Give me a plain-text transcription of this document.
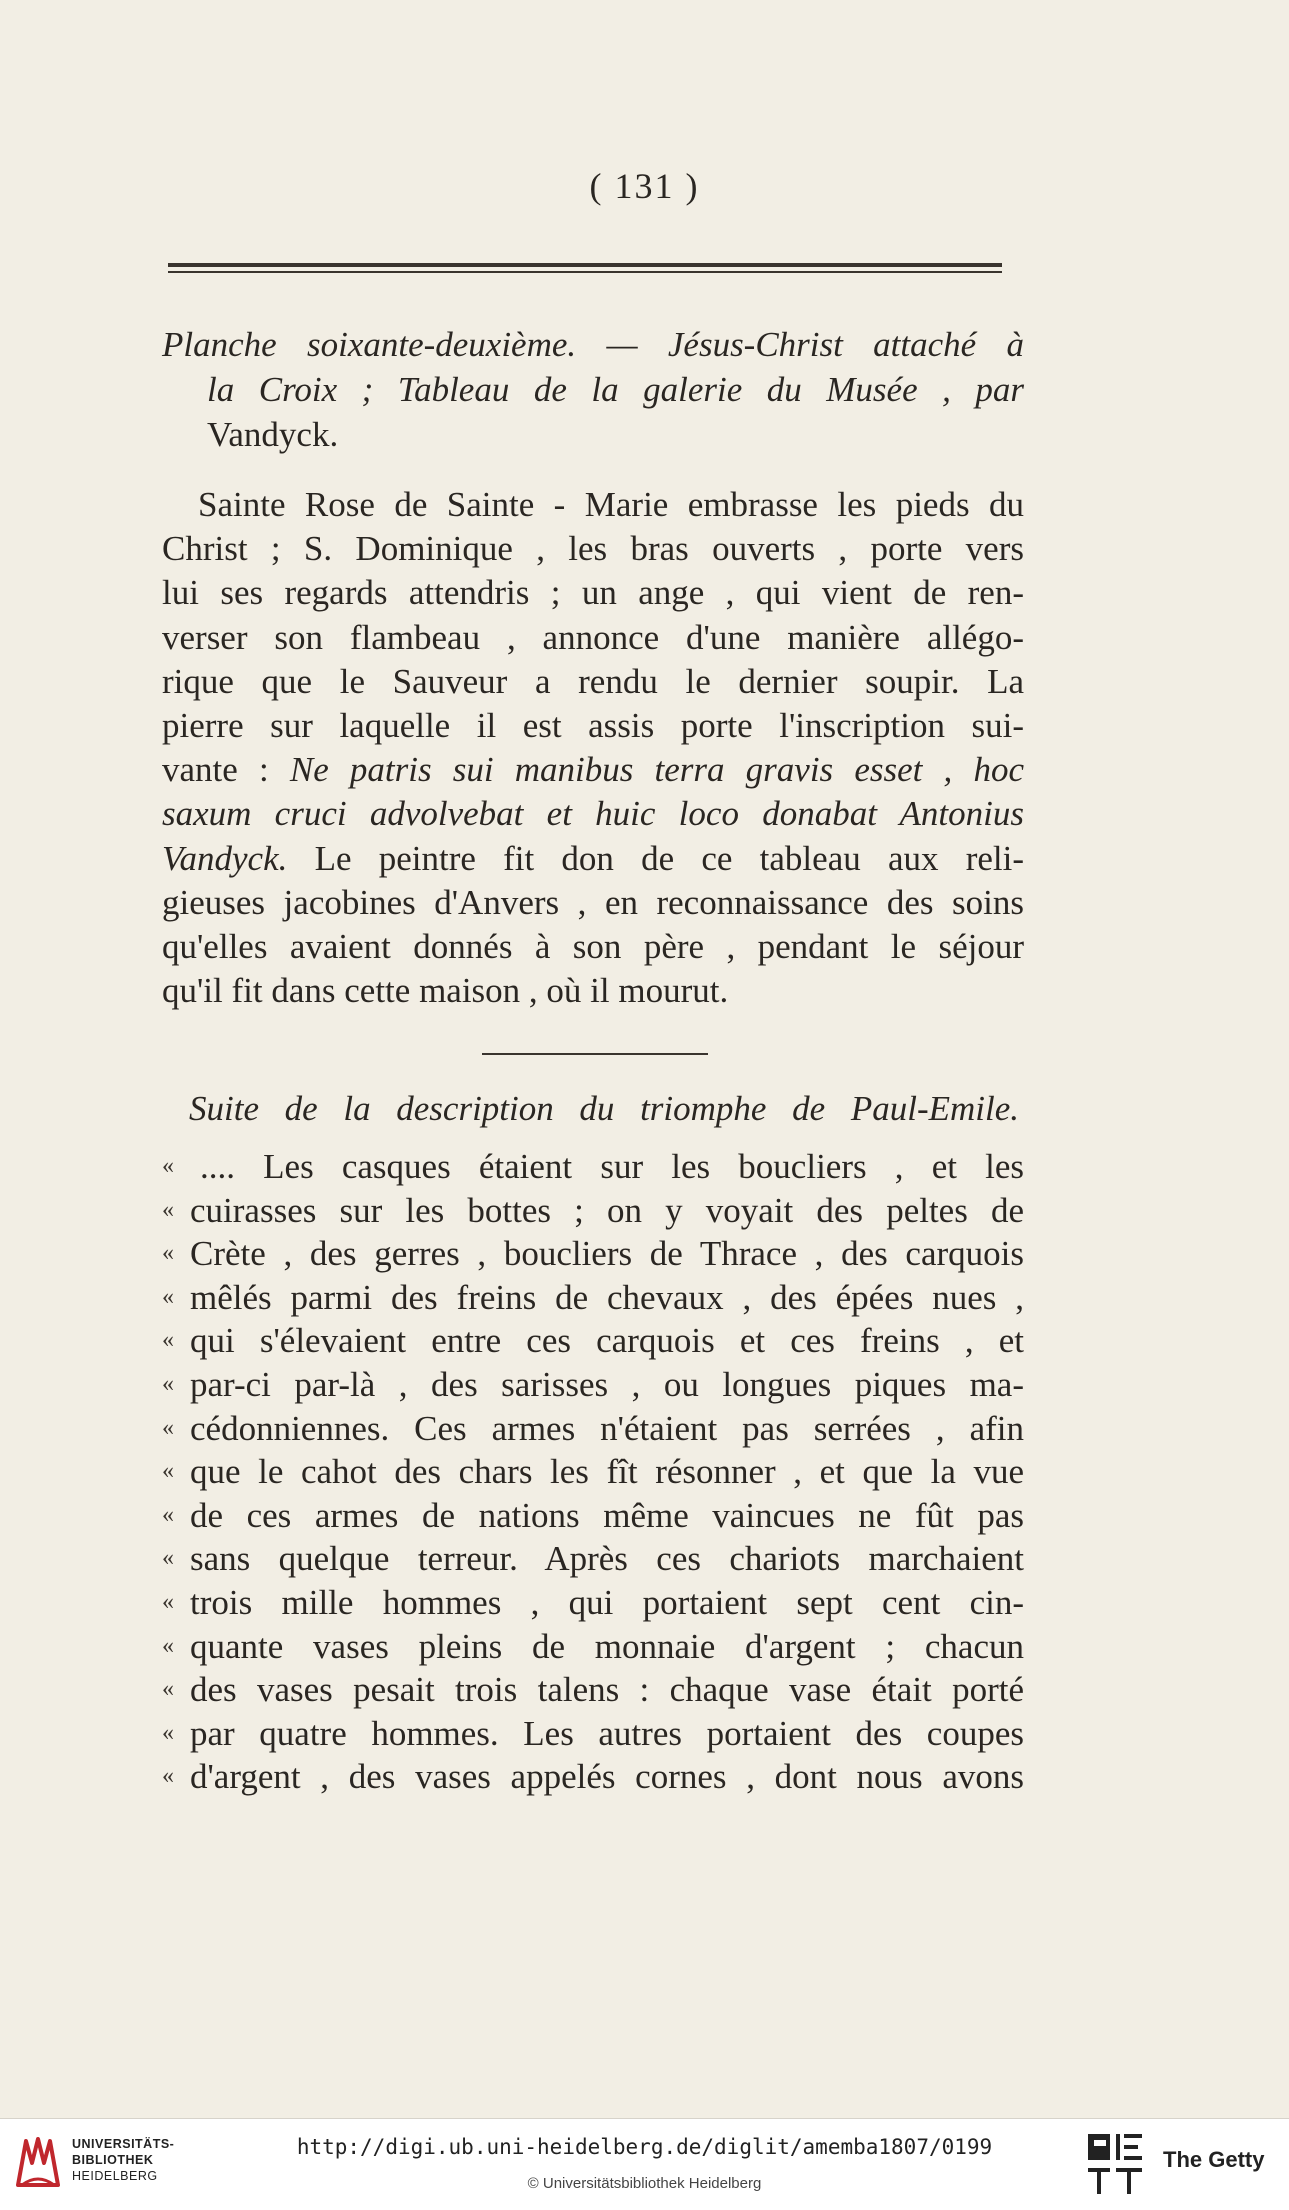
( 131 )
Planche soixante-deuxième. — Jésus-Christ attaché à
la Croix ; Tableau de la galerie du Musée , par
Vandyck.
Sainte Rose de Sainte - Marie embrasse les pieds du
Christ ; S. Dominique , les bras ouverts , porte vers
lui ses regards attendris ; un ange , qui vient de ren-
verser son flambeau , annonce d'une manière allégo-
rique que le Sauveur a rendu le dernier soupir. La
pierre sur laquelle il est assis porte l'inscription sui-
vante : Ne patris sui manibus terra gravis esset , hoc
saxum cruci advolvebat et huic loco donabat Antonius
Vandyck. Le peintre fit don de ce tableau aux reli-
gieuses jacobines d'Anvers , en reconnaissance des soins
qu'elles avaient donnés à son père , pendant le séjour
qu'il fit dans cette maison , où il mourut.
Suite de la description du triomphe de Paul-Emile.
« .... Les casques étaient sur les boucliers , et les
« cuirasses sur les bottes ; on y voyait des peltes de
« Crète , des gerres , boucliers de Thrace , des carquois
« mêlés parmi des freins de chevaux , des épées nues ,
« qui s'élevaient entre ces carquois et ces freins , et
« par-ci par-là , des sarisses , ou longues piques ma-
« cédonniennes. Ces armes n'étaient pas serrées , afin
« que le cahot des chars les fît résonner , et que la vue
« de ces armes de nations même vaincues ne fût pas
« sans quelque terreur. Après ces chariots marchaient
« trois mille hommes , qui portaient sept cent cin-
« quante vases pleins de monnaie d'argent ; chacun
« des vases pesait trois talens : chaque vase était porté
« par quatre hommes. Les autres portaient des coupes
« d'argent , des vases appelés cornes , dont nous avons
UNIVERSITÄTS-
BIBLIOTHEK
HEIDELBERG
http://digi.ub.uni-heidelberg.de/diglit/amemba1807/0199
© Universitätsbibliothek Heidelberg
The Getty
